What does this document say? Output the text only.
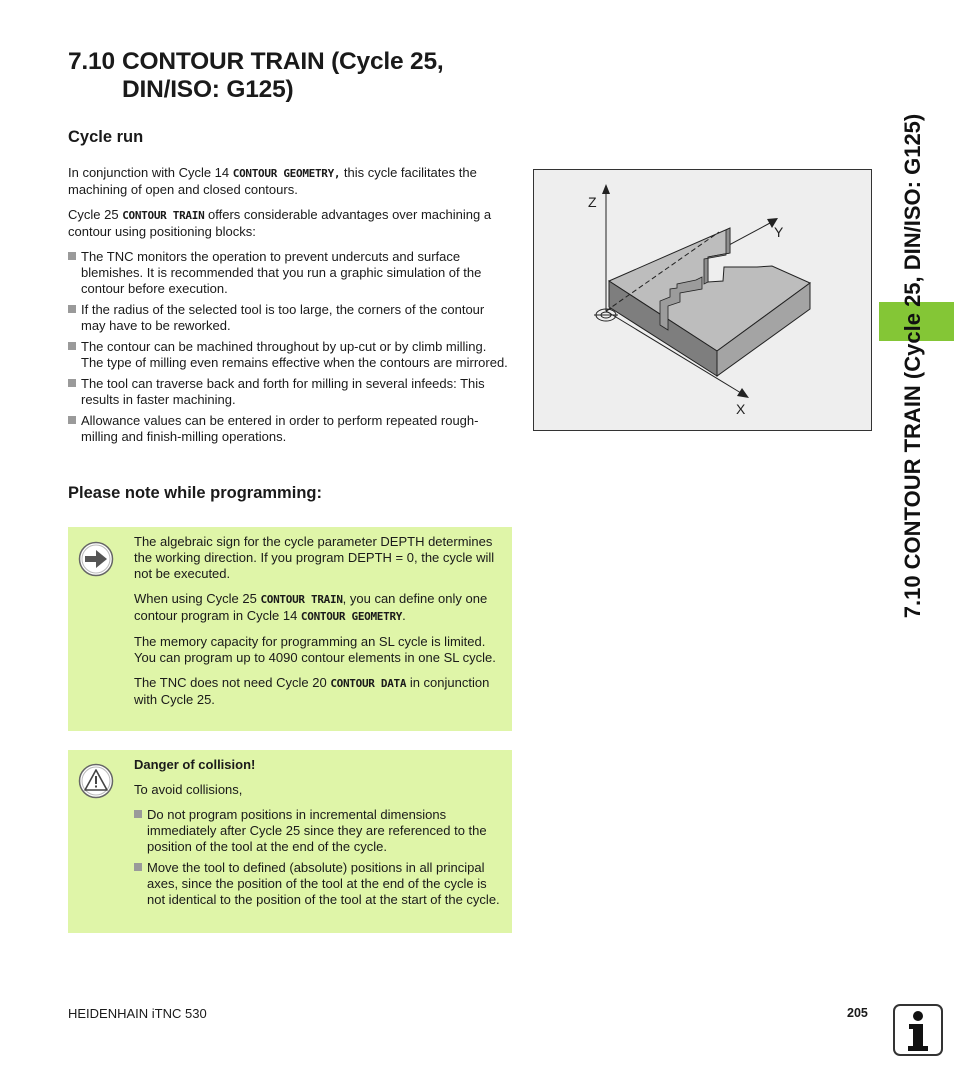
7.10 CONTOUR TRAIN (Cycle 25,
DIN/ISO: G125)
Cycle run

In conjunction with Cycle 14 CONTOUR GEOMETRY, this cycle facilitates the machining of open and closed contours.

Cycle 25 CONTOUR TRAIN offers considerable advantages over machining a contour using positioning blocks:

The TNC monitors the operation to prevent undercuts and surface blemishes. It is recommended that you run a graphic simulation of the contour before execution.
If the radius of the selected tool is too large, the corners of the contour may have to be reworked.
The contour can be machined throughout by up-cut or by climb milling. The type of milling even remains effective when the contours are mirrored.
The tool can traverse back and forth for milling in several infeeds: This results in faster machining.
Allowance values can be entered in order to perform repeated rough-milling and finish-milling operations.
Z
Y
X
Please note while programming:

The algebraic sign for the cycle parameter DEPTH determines the working direction. If you program DEPTH = 0, the cycle will not be executed.

When using Cycle 25 CONTOUR TRAIN, you can define only one contour program in Cycle 14 CONTOUR GEOMETRY.

The memory capacity for programming an SL cycle is limited. You can program up to 4090 contour elements in one SL cycle.

The TNC does not need Cycle 20 CONTOUR DATA in conjunction with Cycle 25.

Danger of collision!

To avoid collisions,

Do not program positions in incremental dimensions immediately after Cycle 25 since they are referenced to the position of the tool at the end of the cycle.
Move the tool to defined (absolute) positions in all principal axes, since the position of the tool at the end of the cycle is not identical to the position of the tool at the start of the cycle.
7.10 CONTOUR TRAIN (Cycle 25, DIN/ISO: G125)
HEIDENHAIN iTNC 530	205
